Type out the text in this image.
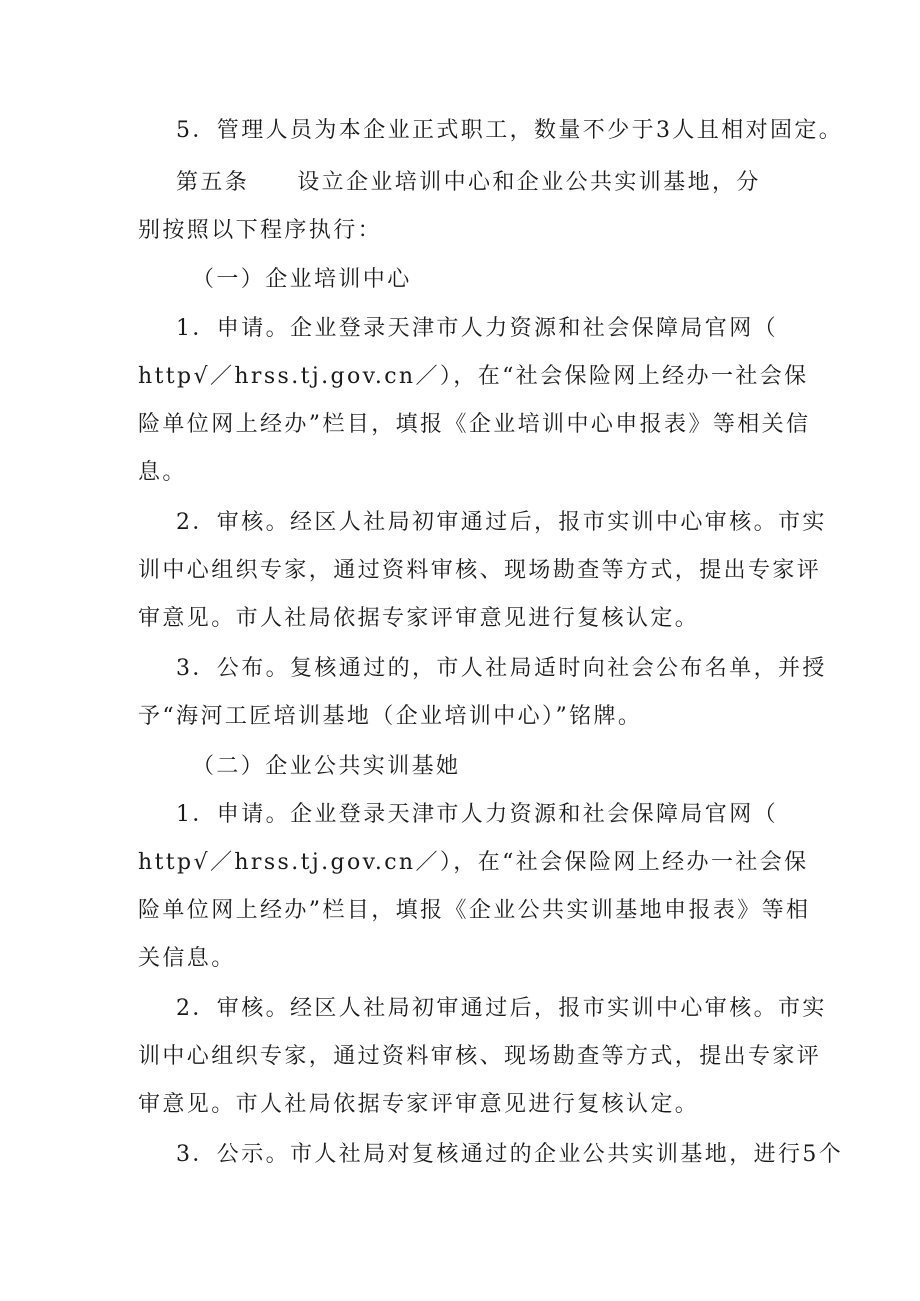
5．管理人员为本企业正式职工，数量不少于3人且相对固定。
第五条 设立企业培训中心和企业公共实训基地，分
别按照以下程序执行：
（一）企业培训中心
1．申请。企业登录天津市人力资源和社会保障局官网（
http√／hrss.tj.gov.cn／），在“社会保险网上经办一社会保
险单位网上经办”栏目，填报《企业培训中心申报表》等相关信
息。
2．审核。经区人社局初审通过后，报市实训中心审核。市实
训中心组织专家，通过资料审核、现场勘查等方式，提出专家评
审意见。市人社局依据专家评审意见进行复核认定。
3．公布。复核通过的，市人社局适时向社会公布名单，并授
予“海河工匠培训基地（企业培训中心）”铭牌。
（二）企业公共实训基她
1．申请。企业登录天津市人力资源和社会保障局官网（
http√／hrss.tj.gov.cn／），在“社会保险网上经办一社会保
险单位网上经办”栏目，填报《企业公共实训基地申报表》等相
关信息。
2．审核。经区人社局初审通过后，报市实训中心审核。市实
训中心组织专家，通过资料审核、现场勘查等方式，提出专家评
审意见。市人社局依据专家评审意见进行复核认定。
3．公示。市人社局对复核通过的企业公共实训基地，进行5个
